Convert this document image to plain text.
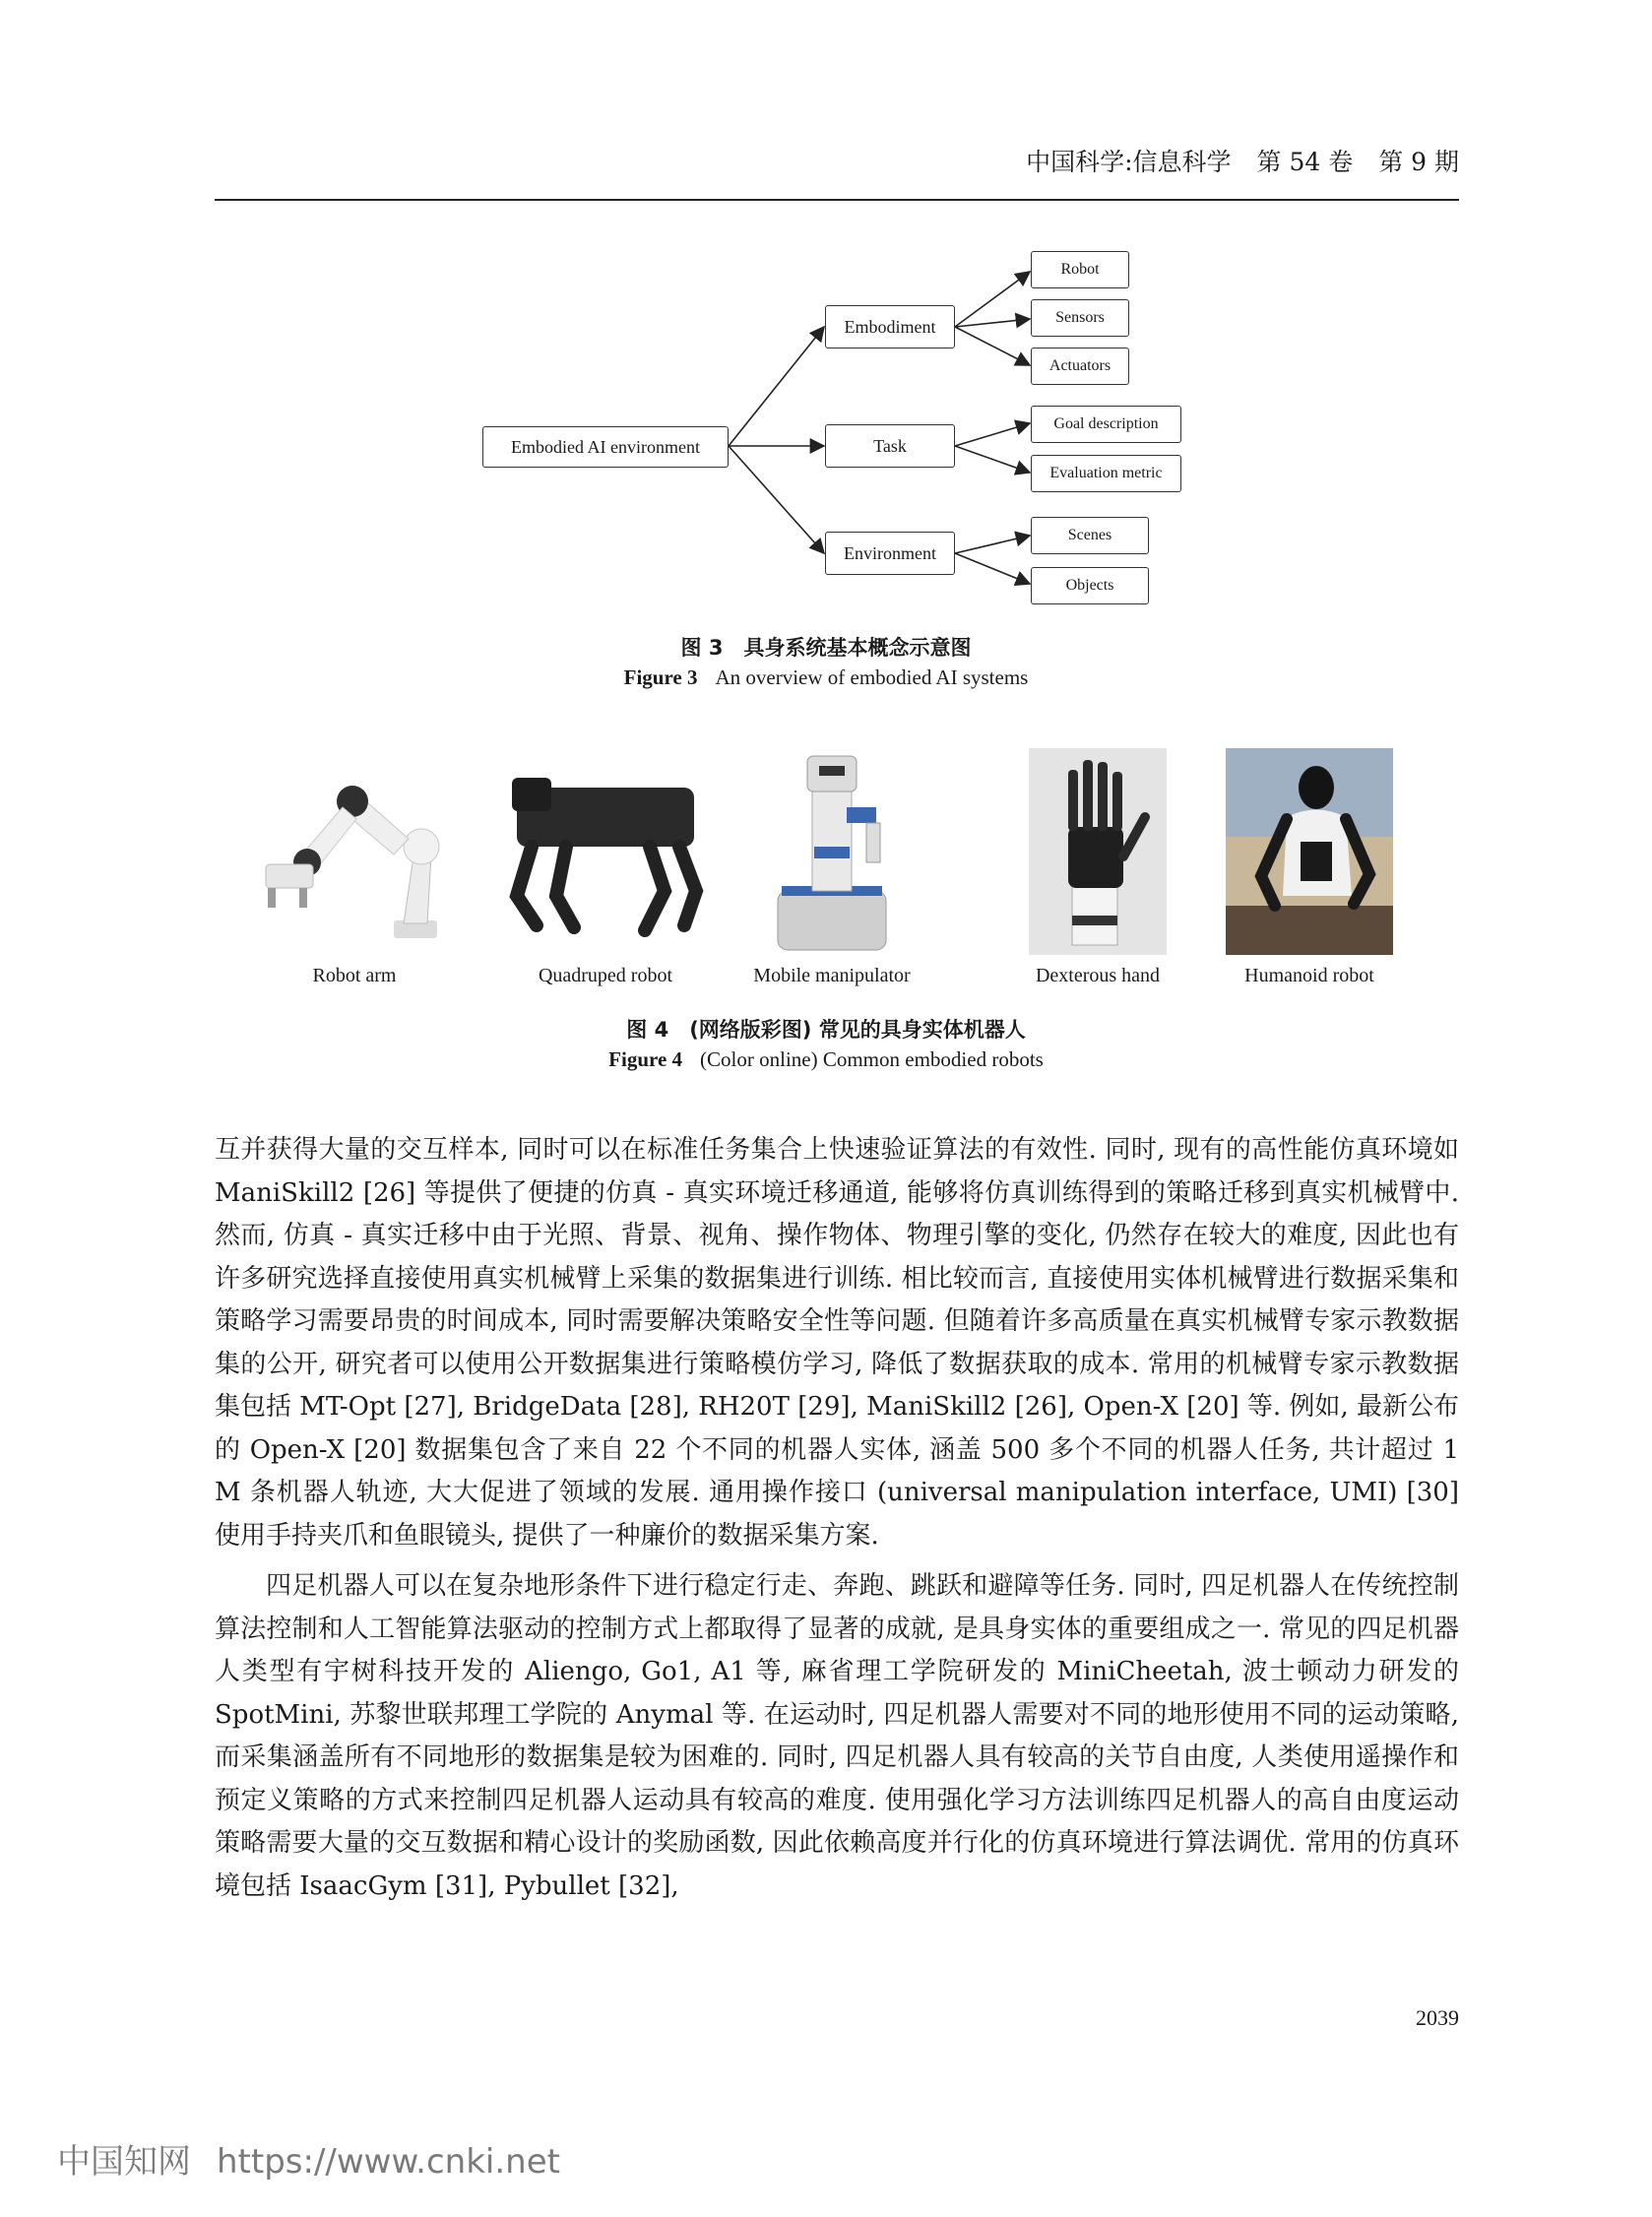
中国科学:信息科学 第 54 卷 第 9 期
Embodied AI environment
Embodiment
Task
Environment
Robot
Sensors
Actuators
Goal description
Evaluation metric
Scenes
Objects
图 3　具身系统基本概念示意图
Figure 3 An overview of embodied AI systems
Robot arm	Quadruped robot	Mobile manipulator	Dexterous hand	Humanoid robot
图 4　(网络版彩图) 常见的具身实体机器人
Figure 4 (Color online) Common embodied robots

互并获得大量的交互样本, 同时可以在标准任务集合上快速验证算法的有效性. 同时, 现有的高性能仿真环境如 ManiSkill2 [26] 等提供了便捷的仿真 - 真实环境迁移通道, 能够将仿真训练得到的策略迁移到真实机械臂中. 然而, 仿真 - 真实迁移中由于光照、背景、视角、操作物体、物理引擎的变化, 仍然存在较大的难度, 因此也有许多研究选择直接使用真实机械臂上采集的数据集进行训练. 相比较而言, 直接使用实体机械臂进行数据采集和策略学习需要昂贵的时间成本, 同时需要解决策略安全性等问题. 但随着许多高质量在真实机械臂专家示教数据集的公开, 研究者可以使用公开数据集进行策略模仿学习, 降低了数据获取的成本. 常用的机械臂专家示教数据集包括 MT-Opt [27], BridgeData [28], RH20T [29], ManiSkill2 [26], Open-X [20] 等. 例如, 最新公布的 Open-X [20] 数据集包含了来自 22 个不同的机器人实体, 涵盖 500 多个不同的机器人任务, 共计超过 1 M 条机器人轨迹, 大大促进了领域的发展. 通用操作接口 (universal manipulation interface, UMI) [30] 使用手持夹爪和鱼眼镜头, 提供了一种廉价的数据采集方案.

四足机器人可以在复杂地形条件下进行稳定行走、奔跑、跳跃和避障等任务. 同时, 四足机器人在传统控制算法控制和人工智能算法驱动的控制方式上都取得了显著的成就, 是具身实体的重要组成之一. 常见的四足机器人类型有宇树科技开发的 Aliengo, Go1, A1 等, 麻省理工学院研发的 MiniCheetah, 波士顿动力研发的 SpotMini, 苏黎世联邦理工学院的 Anymal 等. 在运动时, 四足机器人需要对不同的地形使用不同的运动策略, 而采集涵盖所有不同地形的数据集是较为困难的. 同时, 四足机器人具有较高的关节自由度, 人类使用遥操作和预定义策略的方式来控制四足机器人运动具有较高的难度. 使用强化学习方法训练四足机器人的高自由度运动策略需要大量的交互数据和精心设计的奖励函数, 因此依赖高度并行化的仿真环境进行算法调优. 常用的仿真环境包括 IsaacGym [31], Pybullet [32],

2039
中国知网 https://www.cnki.net
